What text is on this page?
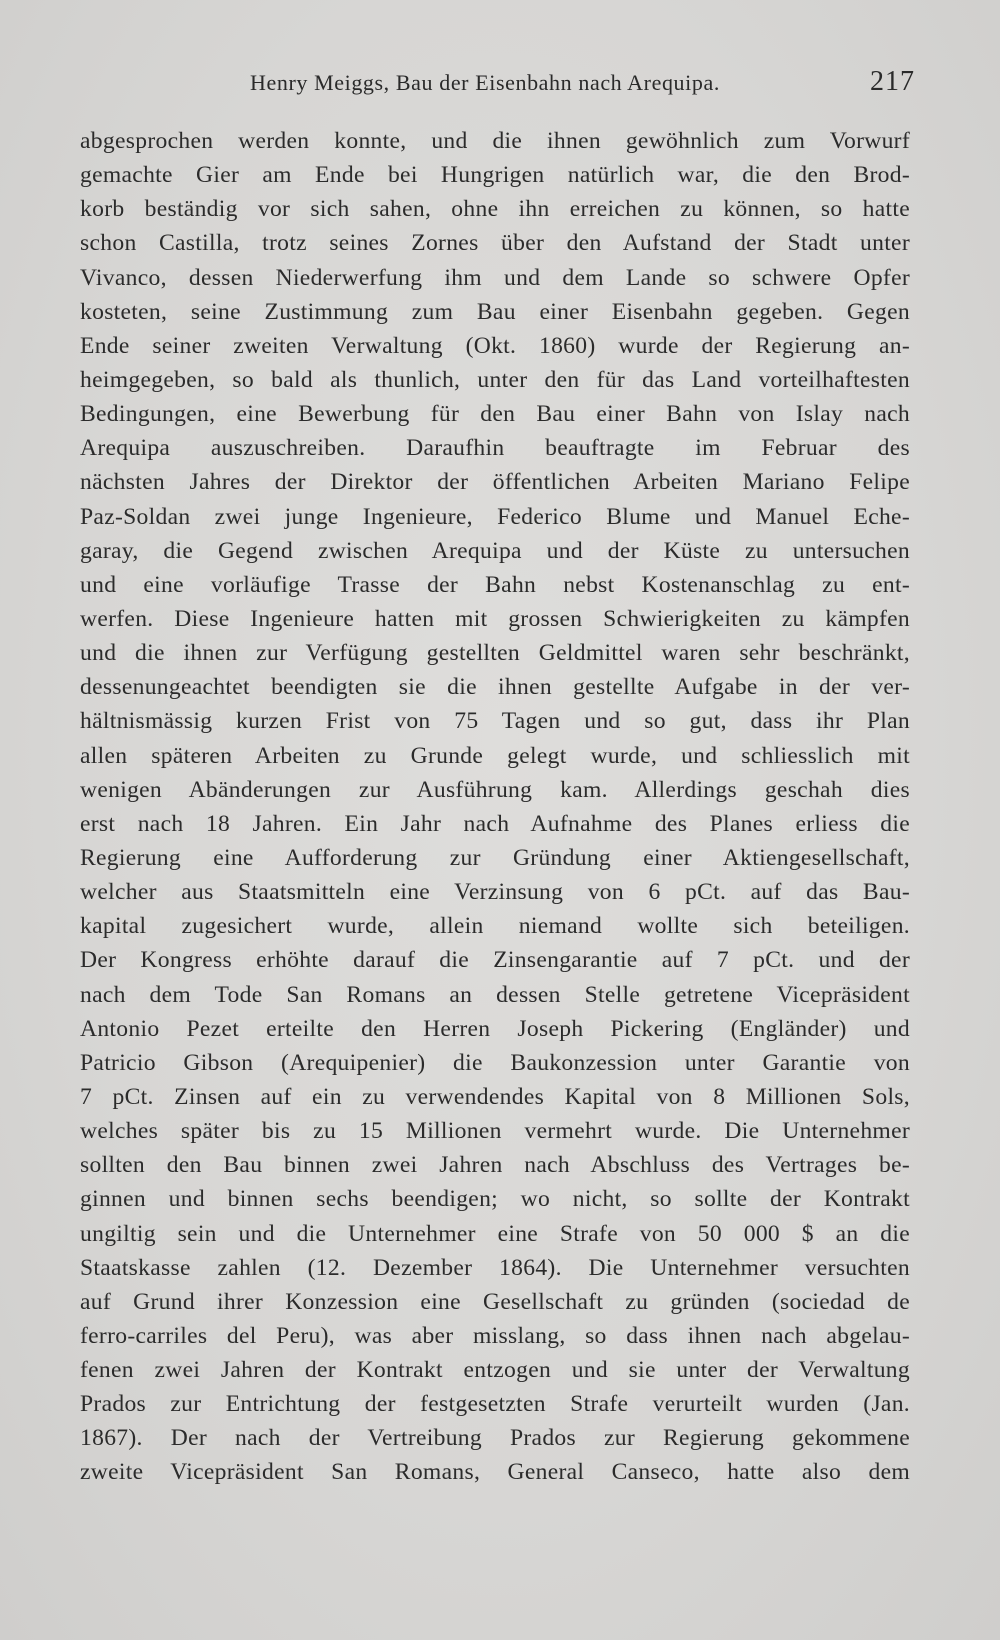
Henry Meiggs, Bau der Eisenbahn nach Arequipa.	217
abgesprochen werden konnte, und die ihnen gewöhnlich zum Vorwurf
gemachte Gier am Ende bei Hungrigen natürlich war, die den Brod-
korb beständig vor sich sahen, ohne ihn erreichen zu können, so hatte
schon Castilla, trotz seines Zornes über den Aufstand der Stadt unter
Vivanco, dessen Niederwerfung ihm und dem Lande so schwere Opfer
kosteten, seine Zustimmung zum Bau einer Eisenbahn gegeben. Gegen
Ende seiner zweiten Verwaltung (Okt. 1860) wurde der Regierung an-
heimgegeben, so bald als thunlich, unter den für das Land vorteilhaftesten
Bedingungen, eine Bewerbung für den Bau einer Bahn von Islay nach
Arequipa auszuschreiben. Daraufhin beauftragte im Februar des
nächsten Jahres der Direktor der öffentlichen Arbeiten Mariano Felipe
Paz-Soldan zwei junge Ingenieure, Federico Blume und Manuel Eche-
garay, die Gegend zwischen Arequipa und der Küste zu untersuchen
und eine vorläufige Trasse der Bahn nebst Kostenanschlag zu ent-
werfen. Diese Ingenieure hatten mit grossen Schwierigkeiten zu kämpfen
und die ihnen zur Verfügung gestellten Geldmittel waren sehr beschränkt,
dessenungeachtet beendigten sie die ihnen gestellte Aufgabe in der ver-
hältnismässig kurzen Frist von 75 Tagen und so gut, dass ihr Plan
allen späteren Arbeiten zu Grunde gelegt wurde, und schliesslich mit
wenigen Abänderungen zur Ausführung kam. Allerdings geschah dies
erst nach 18 Jahren. Ein Jahr nach Aufnahme des Planes erliess die
Regierung eine Aufforderung zur Gründung einer Aktiengesellschaft,
welcher aus Staatsmitteln eine Verzinsung von 6 pCt. auf das Bau-
kapital zugesichert wurde, allein niemand wollte sich beteiligen.
Der Kongress erhöhte darauf die Zinsengarantie auf 7 pCt. und der
nach dem Tode San Romans an dessen Stelle getretene Vicepräsident
Antonio Pezet erteilte den Herren Joseph Pickering (Engländer) und
Patricio Gibson (Arequipenier) die Baukonzession unter Garantie von
7 pCt. Zinsen auf ein zu verwendendes Kapital von 8 Millionen Sols,
welches später bis zu 15 Millionen vermehrt wurde. Die Unternehmer
sollten den Bau binnen zwei Jahren nach Abschluss des Vertrages be-
ginnen und binnen sechs beendigen; wo nicht, so sollte der Kontrakt
ungiltig sein und die Unternehmer eine Strafe von 50 000 $ an die
Staatskasse zahlen (12. Dezember 1864). Die Unternehmer versuchten
auf Grund ihrer Konzession eine Gesellschaft zu gründen (sociedad de
ferro-carriles del Peru), was aber misslang, so dass ihnen nach abgelau-
fenen zwei Jahren der Kontrakt entzogen und sie unter der Verwaltung
Prados zur Entrichtung der festgesetzten Strafe verurteilt wurden (Jan.
1867). Der nach der Vertreibung Prados zur Regierung gekommene
zweite Vicepräsident San Romans, General Canseco, hatte also dem
